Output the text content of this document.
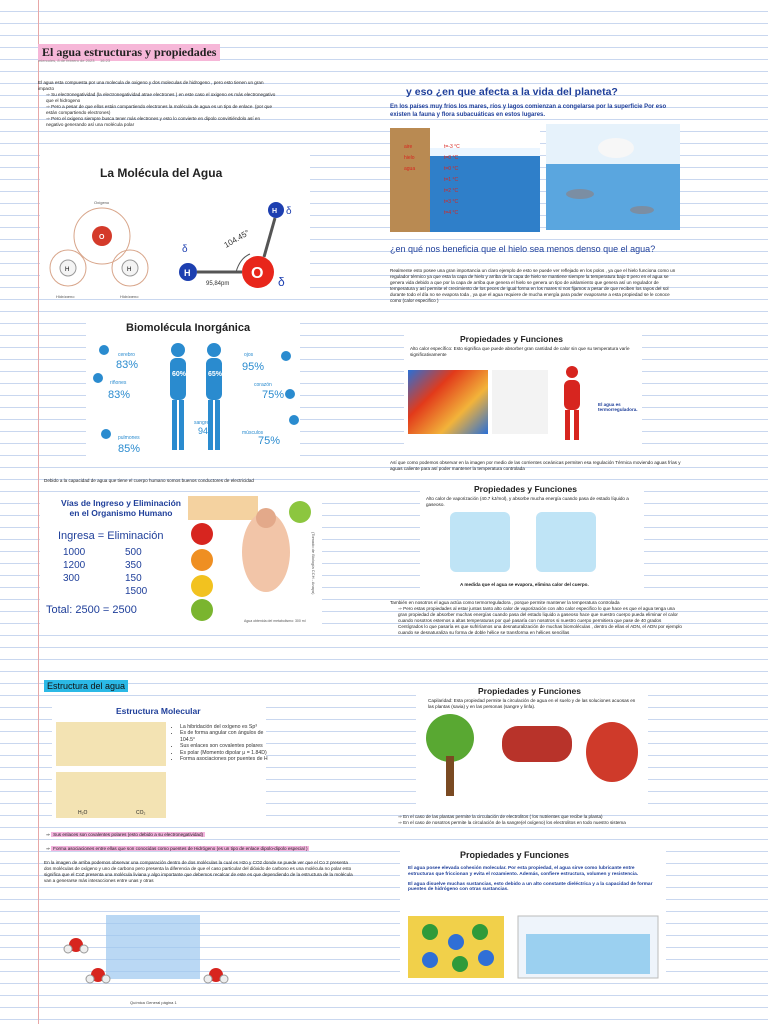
El agua estructuras y propiedades
miercoles, 8 de febrero de 2023 16:23
El agua esta compuesta por una molecula de oxigeno y dos moleculas de hidrogeno , pero esto tienen un gran impacto
⇒ Su electronegatividad (la electronegatividad atrae electrones ) en este caso el oxigeno es más electronegativo que el hidrogeno
⇒ Pero a pesar de que ellos están compartiendo electrones la molécula de agua es un tipo de enlace. (por que están compartiendo electrones)
⇒ Pero el oxigeno siempre busca tener más electrones y esto lo convierte en dipolo convirtiéndolo así en negativo generando así una molécula polar
La Molécula del Agua
O
H	H
Oxígeno
Hidrógeno	Hidrógeno
H
O
H
104.45°
95,84pm
δ
δ
δ
Biomolécula Inorgánica
60%	65%
cerebro
83%
riñones
83%
pulmones
85%
ojos
95%
corazón
75%
músculos
75%
sangre
94
Debido a la capacidad de agua que tiene el cuerpo humano somos buenos conductores de electricidad
Vías de Ingreso y Eliminación
en el Organismo Humano
Ingresa = Eliminación
1000	500
1200	350
300	150
	1500
Total: 2500 = 2500
(Tomado de Biología CCH - Anaya)
Agua obtenida del metabolismo: 300 ml
Estructura del agua
Estructura Molecular
H₂O	CO₂
• La hibridación del oxígeno es Sp³
• Es de forma angular con ángulos de 104.5°
• Sus enlaces son covalentes polares
• Es polar (Momento dipolar μ = 1.84D)
• Forma asociaciones por puentes de H
⇒ Sus enlaces son covalentes polares (esto debido a su electronegatividad)
⇒ Forma asociaciones entre ellas que son conocidas como puentes de Hidrógeno (es un tipo de enlace dipolo-dipolo especial )
En la imagen de arriba podemos observar una comparación dentro de dos moléculas la cual es H2o y CO2 donde se puede ver que el Co 2 presenta dos moléculas de oxígeno y uno de carbono pero presenta la diferencia de que el caso particular del dióxido de carbono es una molécula no polar esto significa que el CoZ presenta una molécula liviana y algo importante que debemos recalcar de este es que dependiendo de la estructura de la molécula van a generarse más interacciones entre unas y otras
Química General página 1
y eso ¿en que afecta a la vida del planeta?
En los países muy fríos los mares, ríos y lagos comienzan a congelarse por la superficie Por eso existen la fauna y flora subacuáticas en estos lugares.
aire
hielo
agua
t=-3 °C
t=0 °C
t=0 °C
t=1 °C
t=2 °C
t=3 °C
t=4 °C
¿en qué nos beneficia que el hielo sea menos denso que el agua?
Realmente esto posee una gran importancia un claro ejemplo de esto se puede ver reflejado en los polos , ya que el hielo funciona como un regulador térmico ya que esta la capa de hielo y arriba de la capa de hielo se mantiene siempre la temperatura bajo 0 pero en el agua se genera vida debido a que por la capa de arriba que genera el hielo se genera un tipo de aislamiento que genera así un regulador de temperatura y así permite el crecimiento de los peces de igual forma en los mares si nos fijamos a pesar de que reciben los rayos del sol durante todo el día no se evapora toda , ya que el agua requiere de mucha energía para poder evaporarse a esta propiedad se le conoce como (calor especifico )
Propiedades y Funciones
Alto calor específico: Esto significa que puede absorber gran cantidad de calor sin que su temperatura varíe significativamente
El agua es termorreguladora.
Así que como podemos observar en la imagen por medio de las corrientes oceánicas permiten esa regulación Térmica moviendo aguas frías y aguas caliente para así poder mantener la temperatura controlada
Propiedades y Funciones
Alto calor de vaporización (40.7 kJ/mol), y absorbe mucha energía cuando pasa de estado líquido a gaseoso.
A medida que el agua se evapora, elimina calor del cuerpo.
También en nosotros el agua actúa como termorreguladora , porque permite mantener la temperatura controlada
⇒ Pero estas propiedades al estar juntas tanto alto calor de vaporización con alto calor especifico lo que hace es que el agua tenga una gran propiedad de absorber muchas energías cuando pasa del estado liquido a gaseoso hace que nuestro cuerpo pueda eliminar el calor cuando nosotros estemos a altas temperaturas por qué pasaría con nosotros si nuestro cuerpo permitiera que pase de 40 grados Centígrados lo que pasaría es que sufriríamos una desnaturalización de muchas biomoléculas , dentro de ellas el ADN, el ADN por ejemplo cuando se desnaturaliza su forma de doble hélice se transforma en hélices sencillas
Propiedades y Funciones
Capilaridad: Esta propiedad permite la circulación de agua en el suelo y de las soluciones acuosas en las plantas (savia) y en las personas (sangre y linfa).
⇒ En el caso de las plantas permite la circulación de electrolitos ( los nutrientes que recibe la planta)
⇒ En el caso de nosotros permite la circulación de la sangre(el oxígeno) los electrolitos en todo nuestro sistema
Propiedades y Funciones
El agua posee elevada cohesión molecular. Por esta propiedad, el agua sirve como lubricante entre estructuras que friccionan y evita el rozamiento. Además, confiere estructura, volumen y resistencia.
El agua disuelve muchas sustancias, esto debido a un alto constante dieléctrica y a la capacidad de formar puentes de hidrógeno con otras sustancias.
